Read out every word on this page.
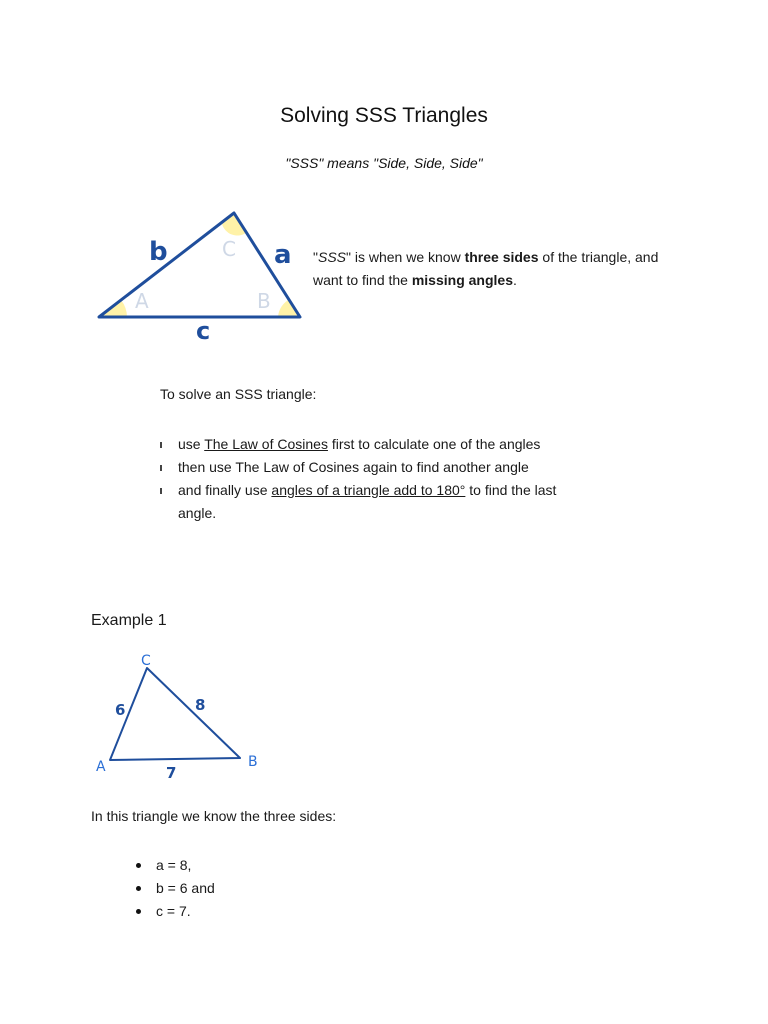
Solving SSS Triangles

"SSS" means "Side, Side, Side"

A	B
C
b	a
c

"SSS" is when we know three sides of the triangle, and want to find the missing angles.

To solve an SSS triangle:

use The Law of Cosines first to calculate one of the angles
then use The Law of Cosines again to find another angle
and finally use angles of a triangle add to 180° to find the last angle.
Example 1
C
A	B
6	8
7

In this triangle we know the three sides:

a = 8,
b = 6 and
c = 7.
